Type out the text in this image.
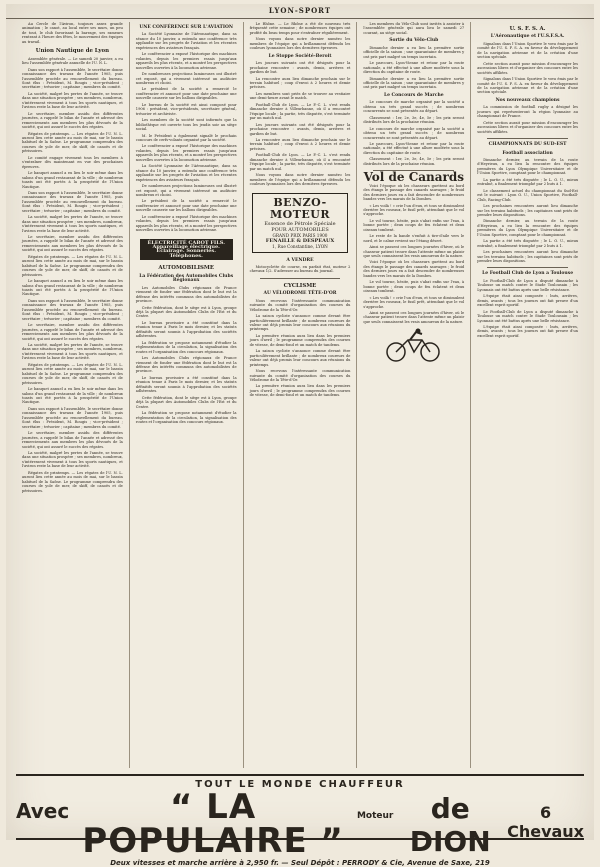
LYON-SPORT

Au Cercle de l'Aviron, toujours assez grande animation ; le canot, au local entre ses murs, un peu de tout, le club favorisant la barrage, ses rameurs rentrant à l'heure des fêtes, le mouvement des équipes au travail.

Union Nautique de Lyon

Assemblée générale. — Le samedi 20 janvier, a eu lieu l'assemblée générale annuelle de l'U. N. L.

Dans son rapport à l'assemblée, le secrétaire donne connaissance des travaux de l'année 1905, puis l'assemblée procède au renouvellement du bureau. Sont élus : Président, M. Rougis ; vice-président ; secrétaire ; trésorier ; capitaine ; membres du comité.

La société, malgré les pertes de l'année, se trouve dans une situation prospère ; ses membres, nombreux, s'intéressent vivement à tous les sports nautiques, et l'aviron reste la base de leur activité.

Le secrétaire, membre assidu des différentes journées, a rappelé le bilan de l'année et adressé des remerciements aux membres les plus dévoués de la société, qui ont assuré le succès des régates.

Régates de printemps. — Les régates de l'U. N. L. auront lieu cette année au mois de mai, sur le bassin habituel de la Saône. Le programme comprendra des courses de yole de mer, de skiff, de canoës et de périssoires.

Le comité engage vivement tous les membres à s'entraîner dès maintenant en vue des prochaines épreuves.

Le banquet annuel a eu lieu le soir même dans les salons d'un grand restaurant de la ville ; de nombreux toasts ont été portés à la prospérité de l'Union Nautique.

Dans son rapport à l'assemblée, le secrétaire donne connaissance des travaux de l'année 1905, puis l'assemblée procède au renouvellement du bureau. Sont élus : Président, M. Rougis ; vice-président ; secrétaire ; trésorier ; capitaine ; membres du comité.

La société, malgré les pertes de l'année, se trouve dans une situation prospère ; ses membres, nombreux, s'intéressent vivement à tous les sports nautiques, et l'aviron reste la base de leur activité.

Le secrétaire, membre assidu des différentes journées, a rappelé le bilan de l'année et adressé des remerciements aux membres les plus dévoués de la société, qui ont assuré le succès des régates.

Régates de printemps. — Les régates de l'U. N. L. auront lieu cette année au mois de mai, sur le bassin habituel de la Saône. Le programme comprendra des courses de yole de mer, de skiff, de canoës et de périssoires.

Le banquet annuel a eu lieu le soir même dans les salons d'un grand restaurant de la ville ; de nombreux toasts ont été portés à la prospérité de l'Union Nautique.

Dans son rapport à l'assemblée, le secrétaire donne connaissance des travaux de l'année 1905, puis l'assemblée procède au renouvellement du bureau. Sont élus : Président, M. Rougis ; vice-président ; secrétaire ; trésorier ; capitaine ; membres du comité.

Le secrétaire, membre assidu des différentes journées, a rappelé le bilan de l'année et adressé des remerciements aux membres les plus dévoués de la société, qui ont assuré le succès des régates.

La société, malgré les pertes de l'année, se trouve dans une situation prospère ; ses membres, nombreux, s'intéressent vivement à tous les sports nautiques, et l'aviron reste la base de leur activité.

Régates de printemps. — Les régates de l'U. N. L. auront lieu cette année au mois de mai, sur le bassin habituel de la Saône. Le programme comprendra des courses de yole de mer, de skiff, de canoës et de périssoires.

Le banquet annuel a eu lieu le soir même dans les salons d'un grand restaurant de la ville ; de nombreux toasts ont été portés à la prospérité de l'Union Nautique.

Dans son rapport à l'assemblée, le secrétaire donne connaissance des travaux de l'année 1905, puis l'assemblée procède au renouvellement du bureau. Sont élus : Président, M. Rougis ; vice-président ; secrétaire ; trésorier ; capitaine ; membres du comité.

Le secrétaire, membre assidu des différentes journées, a rappelé le bilan de l'année et adressé des remerciements aux membres les plus dévoués de la société, qui ont assuré le succès des régates.

La société, malgré les pertes de l'année, se trouve dans une situation prospère ; ses membres, nombreux, s'intéressent vivement à tous les sports nautiques, et l'aviron reste la base de leur activité.

Régates de printemps. — Les régates de l'U. N. L. auront lieu cette année au mois de mai, sur le bassin habituel de la Saône. Le programme comprendra des courses de yole de mer, de skiff, de canoës et de périssoires.

UNE CONFÉRENCE SUR L'AVIATION

La Société Lyonnaise de l'Aéronautique, dans sa séance du 10 janvier, a entendu une conférence très applaudie sur les progrès de l'aviation et les récentes expériences des aviateurs français.

Le conférencier a exposé l'historique des machines volantes, depuis les premiers essais jusqu'aux appareils les plus récents, et a montré les perspectives nouvelles ouvertes à la locomotion aérienne.

De nombreuses projections lumineuses ont illustré cet exposé, qui a vivement intéressé un auditoire nombreux et choisi.

Le président de la société a remercié le conférencier et annoncé pour une date prochaine une nouvelle causerie sur les ballons dirigeables.

Le bureau de la société est ainsi composé pour 1906 : président, vice-présidents, secrétaire général, trésorier et archiviste.

Les membres de la société sont informés que la bibliothèque est ouverte tous les jeudis soir au siège social.

M. le Président a également signalé le prochain concours de cerfs-volants organisé par la société.

Le conférencier a exposé l'historique des machines volantes, depuis les premiers essais jusqu'aux appareils les plus récents, et a montré les perspectives nouvelles ouvertes à la locomotion aérienne.

La Société Lyonnaise de l'Aéronautique, dans sa séance du 10 janvier, a entendu une conférence très applaudie sur les progrès de l'aviation et les récentes expériences des aviateurs français.

De nombreuses projections lumineuses ont illustré cet exposé, qui a vivement intéressé un auditoire nombreux et choisi.

Le président de la société a remercié le conférencier et annoncé pour une date prochaine une nouvelle causerie sur les ballons dirigeables.

Le conférencier a exposé l'historique des machines volantes, depuis les premiers essais jusqu'aux appareils les plus récents, et a montré les perspectives nouvelles ouvertes à la locomotion aérienne.

ÉLECTRICITÉ CABOT FILS. Appareillage électrique. Éclairage. Sonneries. Téléphones.
AUTOMOBILISME
La Fédération des Automobiles Clubs Régionaux

Les Automobiles Clubs régionaux de France viennent de fonder une fédération dont le but est la défense des intérêts communs des automobilistes de province.

Cette fédération, dont le siège est à Lyon, groupe déjà la plupart des Automobiles Clubs de l'Est et du Centre.

Le bureau provisoire a été constitué dans la réunion tenue à Paris le mois dernier, et les statuts définitifs seront soumis à l'approbation des sociétés adhérentes.

La fédération se propose notamment d'étudier la réglementation de la circulation, la signalisation des routes et l'organisation des concours régionaux.

Les Automobiles Clubs régionaux de France viennent de fonder une fédération dont le but est la défense des intérêts communs des automobilistes de province.

Le bureau provisoire a été constitué dans la réunion tenue à Paris le mois dernier, et les statuts définitifs seront soumis à l'approbation des sociétés adhérentes.

Cette fédération, dont le siège est à Lyon, groupe déjà la plupart des Automobiles Clubs de l'Est et du Centre.

La fédération se propose notamment d'étudier la réglementation de la circulation, la signalisation des routes et l'organisation des concours régionaux.

Le Rhône. — Le Rhône a été de nouveau très fréquenté cette semaine ; de nombreuses équipes ont profité du beau temps pour s'entraîner régulièrement.

Nous voyons dans notre dernier numéro les membres de l'équipe qui a brillamment défendu les couleurs lyonnaises lors des dernières épreuves.

Le Stoppe Société-Beroit

Les joueurs suivants ont été désignés pour la prochaine rencontre : avants, demis, arrières et gardien de but.

La rencontre aura lieu dimanche prochain sur le terrain habituel ; coup d'envoi à 2 heures et demie précises.

Les membres sont priés de se trouver au vestiaire une demi-heure avant le match.

Football-Club de Lyon. — Le F.-C. L. s'est rendu dimanche dernier à Villeurbanne, où il a rencontré l'équipe locale ; la partie, très disputée, s'est terminée par un match nul.

Les joueurs suivants ont été désignés pour la prochaine rencontre : avants, demis, arrières et gardien de but.

La rencontre aura lieu dimanche prochain sur le terrain habituel ; coup d'envoi à 2 heures et demie précises.

Football-Club de Lyon. — Le F.-C. L. s'est rendu dimanche dernier à Villeurbanne, où il a rencontré l'équipe locale ; la partie, très disputée, s'est terminée par un match nul.

Nous voyons dans notre dernier numéro les membres de l'équipe qui a brillamment défendu les couleurs lyonnaises lors des dernières épreuves.

BENZO-MOTEUR
Essence de Pétrole Spéciale
POUR AUTOMOBILES
GRAND PRIX PARIS 1900
FENAILLE & DESPEAUX
1, Rue Constantine, LYON
A VENDRE

Motocyclette de course, en parfait état, moteur 2 chevaux 1/2. S'adresser au bureau du journal.

CYCLISME
AU VÉLODROME TÊTE-D'OR

Nous recevons l'intéressante communication suivante du comité d'organisation des courses du Vélodrome de la Tête-d'Or.

La saison cycliste s'annonce comme devant être particulièrement brillante ; de nombreux coureurs de valeur ont déjà promis leur concours aux réunions du printemps.

La première réunion aura lieu dans les premiers jours d'avril ; le programme comprendra des courses de vitesse, de demi-fond et un match de tandems.

La saison cycliste s'annonce comme devant être particulièrement brillante ; de nombreux coureurs de valeur ont déjà promis leur concours aux réunions du printemps.

Nous recevons l'intéressante communication suivante du comité d'organisation des courses du Vélodrome de la Tête-d'Or.

La première réunion aura lieu dans les premiers jours d'avril ; le programme comprendra des courses de vitesse, de demi-fond et un match de tandems.

Les membres du Vélo-Club sont invités à assister à l'assemblée générale qui aura lieu le samedi 27 courant, au siège social.

Sortie du Vélo-Club

Dimanche dernier a eu lieu la première sortie officielle de la saison ; une quarantaine de membres y ont pris part malgré un temps incertain.

Le parcours, Lyon-Vienne et retour par la route nationale, a été effectué à une allure modérée sous la direction du capitaine de route.

Dimanche dernier a eu lieu la première sortie officielle de la saison ; une quarantaine de membres y ont pris part malgré un temps incertain.

Le Concours de Marche

Le concours de marche organisé par la société a obtenu un très grand succès ; de nombreux concurrents se sont présentés au départ.

Classement : 1er, 2e, 3e, 4e, 5e ; les prix seront distribués lors de la prochaine réunion.

Le concours de marche organisé par la société a obtenu un très grand succès ; de nombreux concurrents se sont présentés au départ.

Le parcours, Lyon-Vienne et retour par la route nationale, a été effectué à une allure modérée sous la direction du capitaine de route.

Classement : 1er, 2e, 3e, 4e, 5e ; les prix seront distribués lors de la prochaine réunion.

Vol de Canards

Voici l'époque où les chasseurs guettent au bord des étangs le passage des canards sauvages ; le froid des derniers jours en a fait descendre de nombreuses bandes vers les marais de la Dombes.

« Les voilà ! » crie l'un d'eux, et tous se dissimulent derrière les roseaux, le fusil prêt, attendant que le vol s'approche.

Le vol tourne, hésite, puis s'abat enfin sur l'eau, à bonne portée ; deux coups de feu éclatent et deux oiseaux tombent.

Le reste de la bande s'enfuit à tire-d'aile vers le nord, et le calme revient sur l'étang désert.

Ainsi se passent ces longues journées d'hiver, où le chasseur patient trouve dans l'attente même un plaisir que seuls connaissent les vrais amoureux de la nature.

Voici l'époque où les chasseurs guettent au bord des étangs le passage des canards sauvages ; le froid des derniers jours en a fait descendre de nombreuses bandes vers les marais de la Dombes.

Le vol tourne, hésite, puis s'abat enfin sur l'eau, à bonne portée ; deux coups de feu éclatent et deux oiseaux tombent.

« Les voilà ! » crie l'un d'eux, et tous se dissimulent derrière les roseaux, le fusil prêt, attendant que le vol s'approche.

Ainsi se passent ces longues journées d'hiver, où le chasseur patient trouve dans l'attente même un plaisir que seuls connaissent les vrais amoureux de la nature.

U. S. F. S. A.
L'Aéronautique et l'U.S.F.S.A.

Signalons dans l'Union Sportive le vœu émis par le comité de l'U. S. F. S. A. en faveur du développement de la navigation aérienne et de la création d'une section spéciale.

Cette section aurait pour mission d'encourager les ascensions libres et d'organiser des concours entre les sociétés affiliées.

Signalons dans l'Union Sportive le vœu émis par le comité de l'U. S. F. S. A. en faveur du développement de la navigation aérienne et de la création d'une section spéciale.

Nos nouveaux champions

La commission de football rugby a désigné les joueurs qui représenteront la région lyonnaise au championnat de France.

Cette section aurait pour mission d'encourager les ascensions libres et d'organiser des concours entre les sociétés affiliées.

CHAMPIONNATS DU SUD-EST
Football association

Dimanche dernier, au terrain de la route d'Heyrieux, a eu lieu la rencontre des équipes premières du Lyon Olympique Universitaire et de l'Union Sportive, comptant pour le championnat.

La partie a été très disputée ; le L. O. U., mieux entraîné, a finalement triomphé par 2 buts à 1.

Le classement actuel du championnat du Sud-Est est le suivant : Lyon O. U., Union Sportive, Football-Club, Racing-Club.

Les prochaines rencontres auront lieu dimanche sur les terrains habituels ; les capitaines sont priés de prendre leurs dispositions.

Dimanche dernier, au terrain de la route d'Heyrieux, a eu lieu la rencontre des équipes premières du Lyon Olympique Universitaire et de l'Union Sportive, comptant pour le championnat.

La partie a été très disputée ; le L. O. U., mieux entraîné, a finalement triomphé par 2 buts à 1.

Les prochaines rencontres auront lieu dimanche sur les terrains habituels ; les capitaines sont priés de prendre leurs dispositions.

Le Football Club de Lyon a Toulouse

Le Football-Club de Lyon a disputé dimanche à Toulouse un match contre le Stade Toulousain ; les Lyonnais ont été battus après une belle résistance.

L'équipe était ainsi composée : buts, arrières, demis, avants ; tous les joueurs ont fait preuve d'un excellent esprit sportif.

Le Football-Club de Lyon a disputé dimanche à Toulouse un match contre le Stade Toulousain ; les Lyonnais ont été battus après une belle résistance.

L'équipe était ainsi composée : buts, arrières, demis, avants ; tous les joueurs ont fait preuve d'un excellent esprit sportif.

TOUT LE MONDE CHAUFFEUR
Avec	“ LA POPULAIRE ”
Moteur	de DION
6 Chevaux
Deux vitesses et marche arrière à 2,950 fr. — Seul Dépôt : PERRODY & Cie, Avenue de Saxe, 219
